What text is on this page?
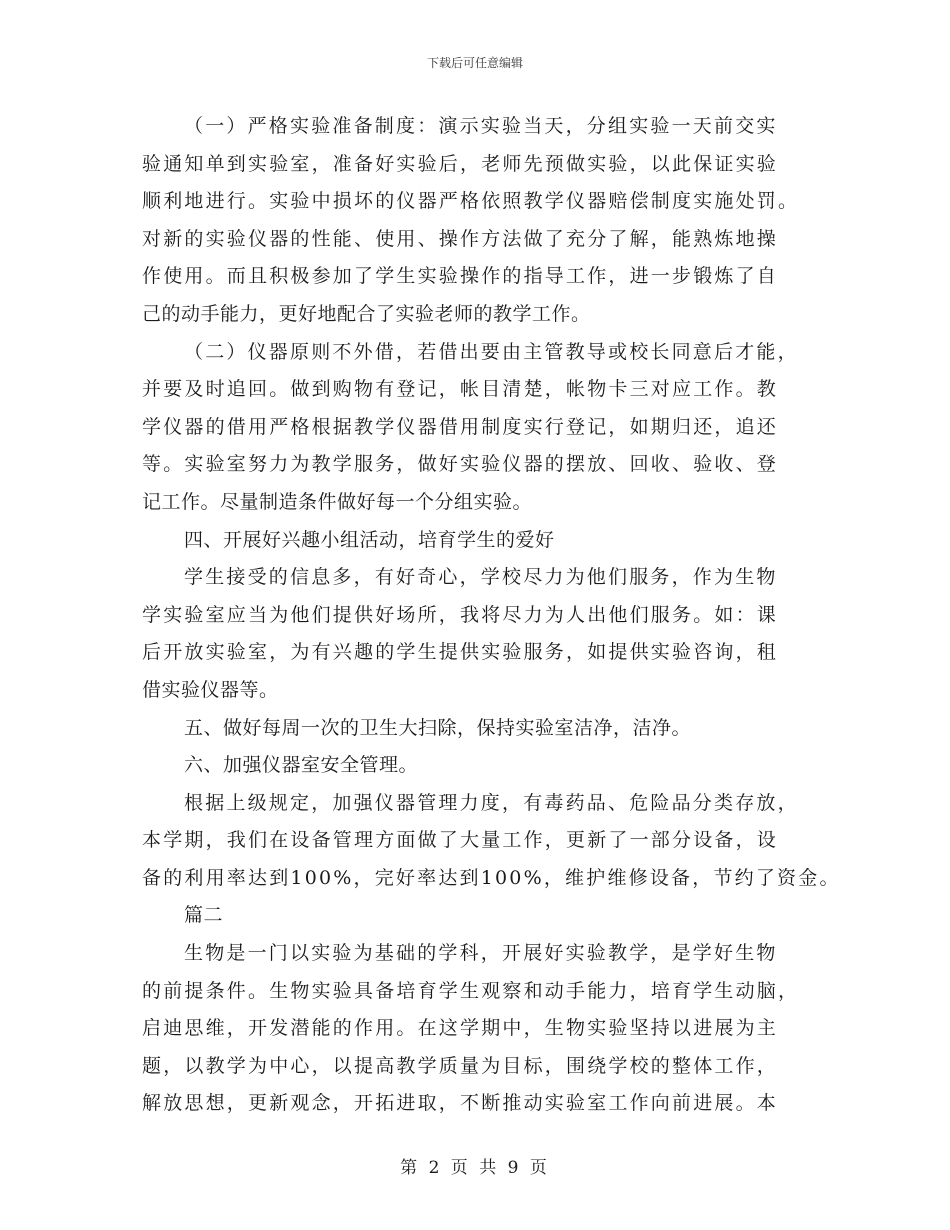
下载后可任意编辑
（一）严格实验准备制度：演示实验当天，分组实验一天前交实
验通知单到实验室，准备好实验后，老师先预做实验，以此保证实验
顺利地进行。实验中损坏的仪器严格依照教学仪器赔偿制度实施处罚。
对新的实验仪器的性能、使用、操作方法做了充分了解，能熟炼地操
作使用。而且积极参加了学生实验操作的指导工作，进一步锻炼了自
己的动手能力，更好地配合了实验老师的教学工作。
（二）仪器原则不外借，若借出要由主管教导或校长同意后才能，
并要及时追回。做到购物有登记，帐目清楚，帐物卡三对应工作。教
学仪器的借用严格根据教学仪器借用制度实行登记，如期归还，追还
等。实验室努力为教学服务，做好实验仪器的摆放、回收、验收、登
记工作。尽量制造条件做好每一个分组实验。
四、开展好兴趣小组活动，培育学生的爱好
学生接受的信息多，有好奇心，学校尽力为他们服务，作为生物
学实验室应当为他们提供好场所，我将尽力为人出他们服务。如：课
后开放实验室，为有兴趣的学生提供实验服务，如提供实验咨询，租
借实验仪器等。
五、做好每周一次的卫生大扫除，保持实验室洁净，洁净。
六、加强仪器室安全管理。
根据上级规定，加强仪器管理力度，有毒药品、危险品分类存放，
本学期，我们在设备管理方面做了大量工作，更新了一部分设备，设
备的利用率达到100%，完好率达到100%，维护维修设备，节约了资金。
篇二
生物是一门以实验为基础的学科，开展好实验教学，是学好生物
的前提条件。生物实验具备培育学生观察和动手能力，培育学生动脑，
启迪思维，开发潜能的作用。在这学期中，生物实验坚持以进展为主
题，以教学为中心，以提高教学质量为目标，围绕学校的整体工作，
解放思想，更新观念，开拓进取，不断推动实验室工作向前进展。本
第 2 页 共 9 页
